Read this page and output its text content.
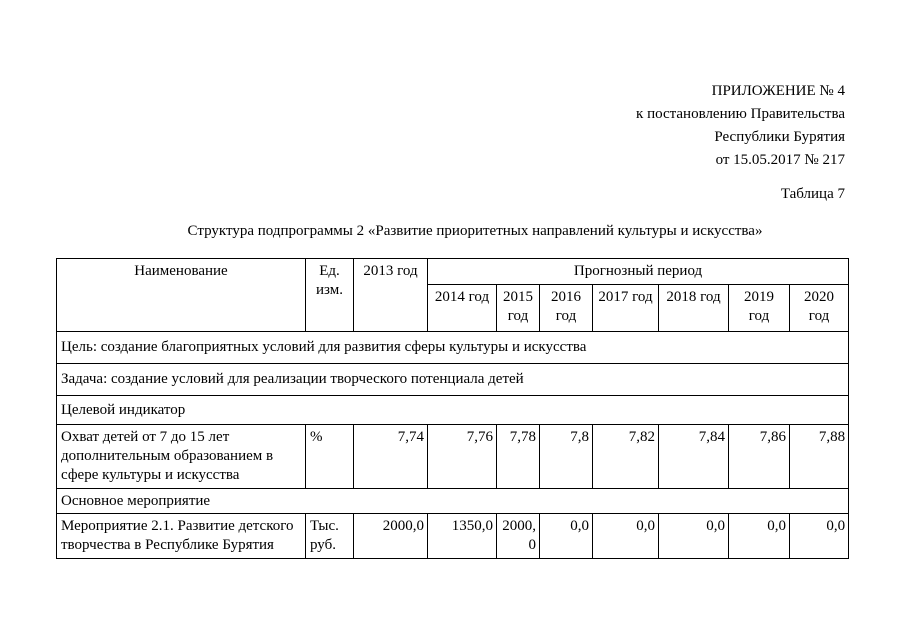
ПРИЛОЖЕНИЕ № 4
к постановлению Правительства
Республики Бурятия
от 15.05.2017 № 217
Таблица 7
Структура подпрограммы 2 «Развитие приоритетных направлений культуры и искусства»
Наименование	Ед. изм.	2013 год	Прогнозный период						
			2014 год	2015 год	2016 год	2017 год	2018 год	2019 год	2020 год
Цель: создание благоприятных условий для развития сферы культуры и искусства									
Задача: создание условий для реализации творческого потенциала детей									
Целевой индикатор									
Охват детей от 7 до 15 лет дополнительным образованием в сфере культуры и искусства	%	7,74	7,76	7,78	7,8	7,82	7,84	7,86	7,88
Основное мероприятие									
Мероприятие 2.1. Развитие детского творчества в Республике Бурятия	Тыс. руб.	2000,0	1350,0	2000,0	0,0	0,0	0,0	0,0	0,0
